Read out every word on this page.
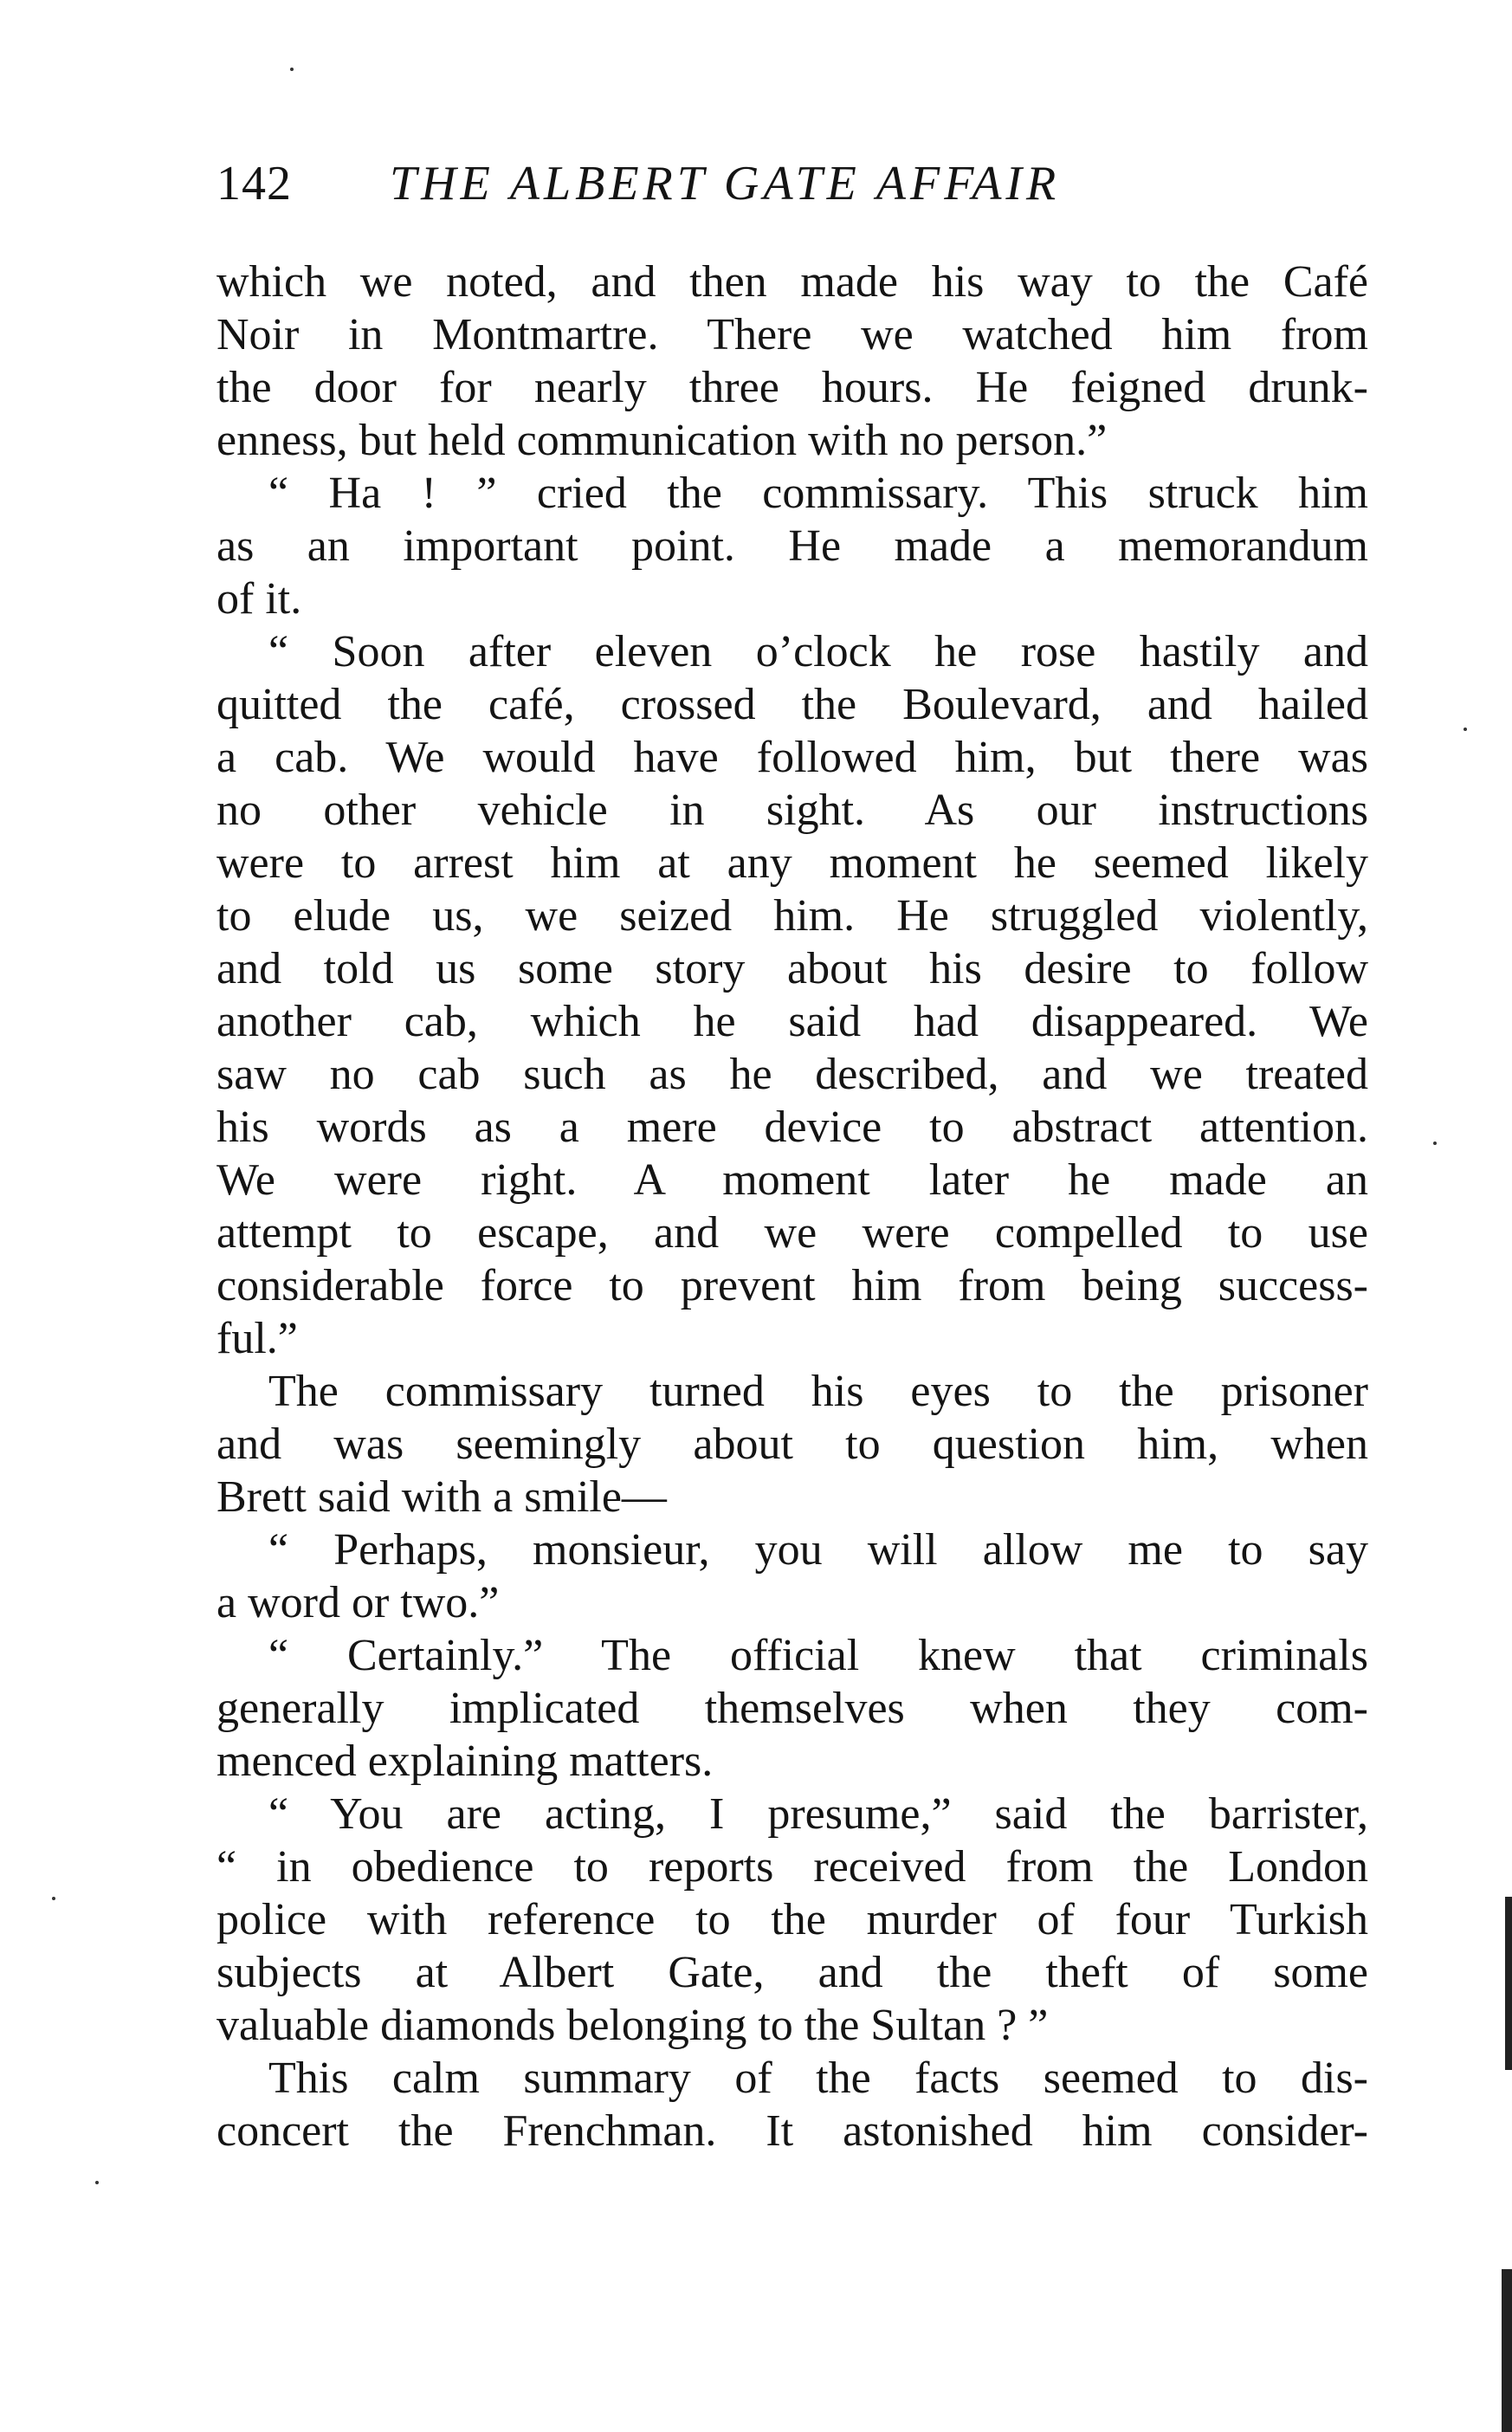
142 THE ALBERT GATE AFFAIR
which we noted, and then made his way to the Café
Noir in Montmartre. There we watched him from
the door for nearly three hours. He feigned drunk-
enness, but held communication with no person.”
“ Ha ! ” cried the commissary. This struck him
as an important point. He made a memorandum
of it.
“ Soon after eleven o’clock he rose hastily and
quitted the café, crossed the Boulevard, and hailed
a cab. We would have followed him, but there was
no other vehicle in sight. As our instructions
were to arrest him at any moment he seemed likely
to elude us, we seized him. He struggled violently,
and told us some story about his desire to follow
another cab, which he said had disappeared. We
saw no cab such as he described, and we treated
his words as a mere device to abstract attention.
We were right. A moment later he made an
attempt to escape, and we were compelled to use
considerable force to prevent him from being success-
ful.”
The commissary turned his eyes to the prisoner
and was seemingly about to question him, when
Brett said with a smile—
“ Perhaps, monsieur, you will allow me to say
a word or two.”
“ Certainly.” The official knew that criminals
generally implicated themselves when they com-
menced explaining matters.
“ You are acting, I presume,” said the barrister,
“ in obedience to reports received from the London
police with reference to the murder of four Turkish
subjects at Albert Gate, and the theft of some
valuable diamonds belonging to the Sultan ? ”
This calm summary of the facts seemed to dis-
concert the Frenchman. It astonished him consider-
